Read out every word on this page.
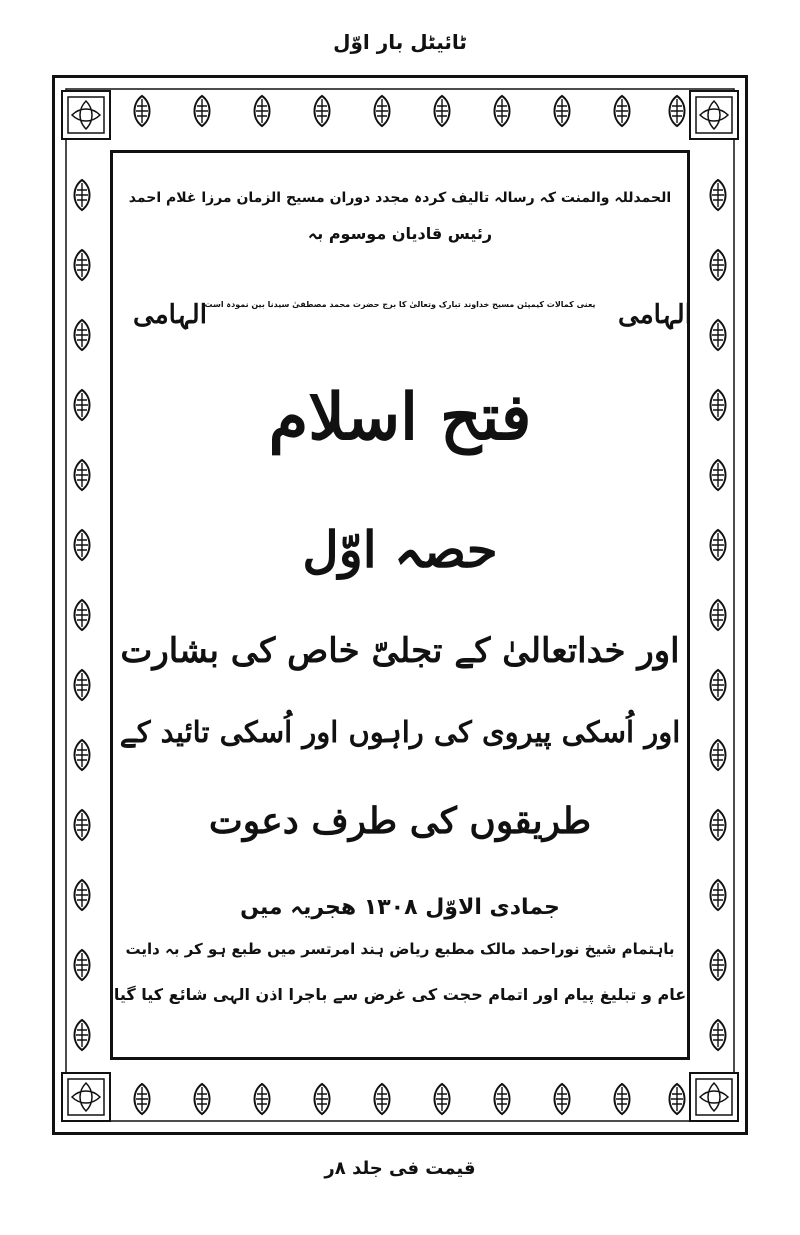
ٹائیٹل بار اوّل
الحمدللہ والمنت کہ رسالہ تالیف کردہ مجدد دوران مسیح الزمان مرزا غلام احمد
رئیس قادیان موسوم بہ
الہامی
الہامی
یعنی کمالات کیمپئن مسیح خداوند تبارک وتعالیٰ کا برج حضرت محمد مصطفیٰ سیدنا بین نمودہ است
فتح اسلام
حصہ اوّل
اور خداتعالیٰ کے تجلیّ خاص کی بشارت
اور اُسکی پیروی کی راہوں اور اُسکی تائید کے
طریقوں کی طرف دعوت
جمادی الاوّل ۱۳۰۸ ھجریہ میں
باہتمام شیخ نوراحمد مالک مطبع ریاض ہند امرتسر میں طبع ہو کر بہ دایت
عام و تبلیغ پیام اور اتمام حجت کی غرض سے باجرا اذن الہی شائع کیا گیا
قیمت فی جلد ۸ر
